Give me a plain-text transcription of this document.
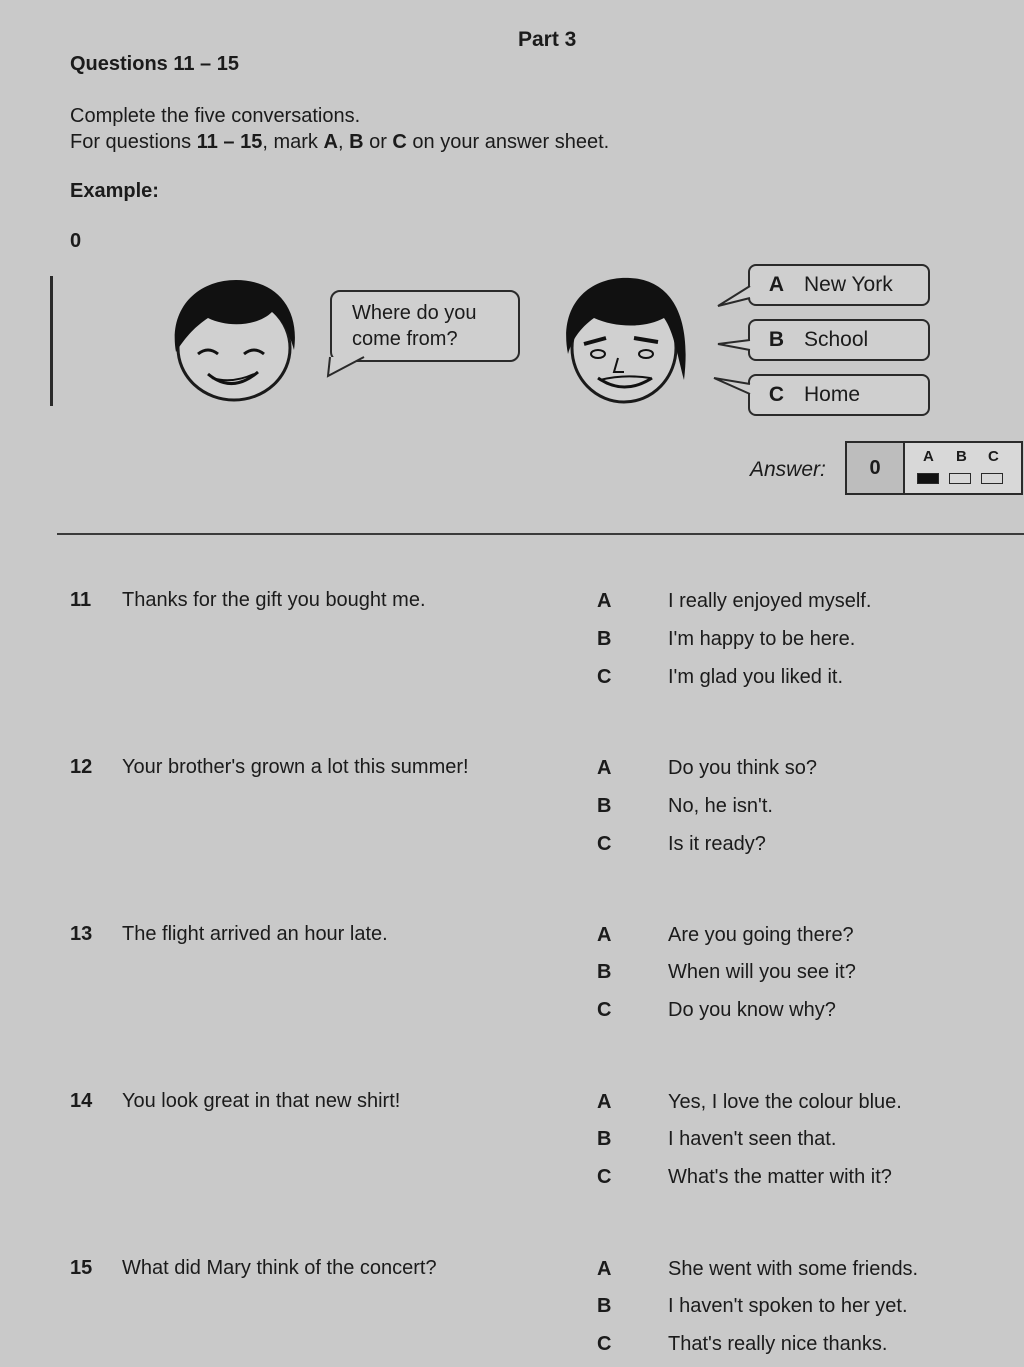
Part 3
Questions 11 – 15
Complete the five conversations.
For questions 11 – 15, mark A, B or C on your answer sheet.
Example:
0
Where do you
come from?
A New York
B School
C Home
Answer:	0	A B C
11 Thanks for the gift you bought me.	A	I really enjoyed myself.
B	I'm happy to be here.
C	I'm glad you liked it.
12 Your brother's grown a lot this summer!	A	Do you think so?
B	No, he isn't.
C	Is it ready?
13 The flight arrived an hour late.	A	Are you going there?
B	When will you see it?
C	Do you know why?
14 You look great in that new shirt!	A	Yes, I love the colour blue.
B	I haven't seen that.
C	What's the matter with it?
15 What did Mary think of the concert?	A	She went with some friends.
B	I haven't spoken to her yet.
C	That's really nice thanks.
